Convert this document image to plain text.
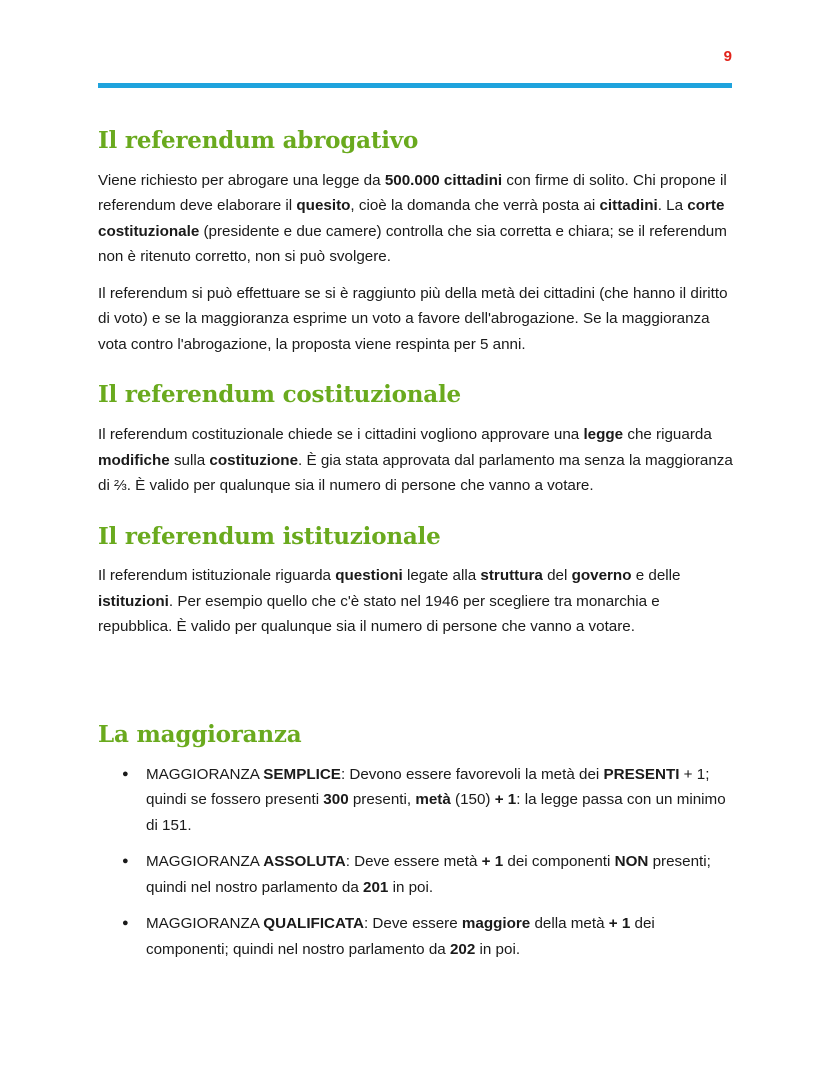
9
Il referendum abrogativo

Viene richiesto per abrogare una legge da 500.000 cittadini con firme di solito. Chi propone il referendum deve elaborare il quesito, cioè la domanda che verrà posta ai cittadini. La corte costituzionale (presidente e due camere) controlla che sia corretta e chiara; se il referendum non è ritenuto corretto, non si può svolgere.

Il referendum si può effettuare se si è raggiunto più della metà dei cittadini (che hanno il diritto di voto) e se la maggioranza esprime un voto a favore dell'abrogazione. Se la maggioranza vota contro l'abrogazione, la proposta viene respinta per 5 anni.

Il referendum costituzionale

Il referendum costituzionale chiede se i cittadini vogliono approvare una legge che riguarda modifiche sulla costituzione. È gia stata approvata dal parlamento ma senza la maggioranza di ⅔. È valido per qualunque sia il numero di persone che vanno a votare.

Il referendum istituzionale

Il referendum istituzionale riguarda questioni legate alla struttura del governo e delle istituzioni. Per esempio quello che c'è stato nel 1946 per scegliere tra monarchia e repubblica. È valido per qualunque sia il numero di persone che vanno a votare.

La maggioranza
● MAGGIORANZA SEMPLICE: Devono essere favorevoli la metà dei PRESENTI + 1; quindi se fossero presenti 300 presenti, metà (150) + 1: la legge passa con un minimo di 151.
● MAGGIORANZA ASSOLUTA: Deve essere metà + 1 dei componenti NON presenti; quindi nel nostro parlamento da 201 in poi.
● MAGGIORANZA QUALIFICATA: Deve essere maggiore della metà + 1 dei componenti; quindi nel nostro parlamento da 202 in poi.
